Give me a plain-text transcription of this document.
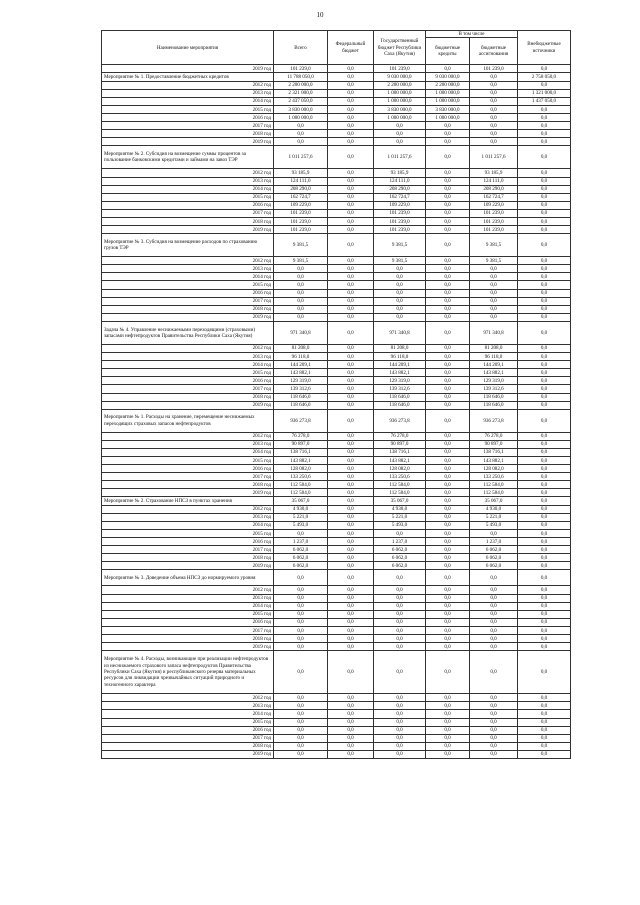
10
Наименование мероприятия	Всего	Федеральный бюджет	Государственный бюджет Республики Саха (Якутия)	В том числе		Внебюджетные источники
				бюджетные кредиты	бюджетные ассигнования	
2019 год	101 239,0	0,0	101 239,0	0,0	101 239,0	0,0
Мероприятие № 1. Предоставление бюджетных кредитов	11 788 050,0	0,0	9 030 000,0	9 030 000,0	0,0	2 758 050,0
2012 год	2 200 000,0	0,0	2 200 000,0	2 200 000,0	0,0	0,0
2013 год	2 321 000,0	0,0	1 000 000,0	1 000 000,0	0,0	1 321 000,0
2014 год	2 437 050,0	0,0	1 000 000,0	1 000 000,0	0,0	1 437 050,0
2015 год	3 830 000,0	0,0	3 830 000,0	3 830 000,0	0,0	0,0
2016 год	1 000 000,0	0,0	1 000 000,0	1 000 000,0	0,0	0,0
2017 год	0,0	0,0	0,0	0,0	0,0	0,0
2018 год	0,0	0,0	0,0	0,0	0,0	0,0
2019 год	0,0	0,0	0,0	0,0	0,0	0,0
Мероприятие № 2. Субсидия на возмещение суммы процентов за пользование банковскими кредитами и займами на завоз ТЭР	1 011 257,6	0,0	1 011 257,6	0,0	1 011 257,6	0,0
2012 год	93 185,9	0,0	93 185,9	0,0	93 185,9	0,0
2013 год	124 111,0	0,0	124 111,0	0,0	124 111,0	0,0
2014 год	208 290,0	0,0	208 290,0	0,0	208 290,0	0,0
2015 год	162 724,7	0,0	162 724,7	0,0	162 724,7	0,0
2016 год	109 229,0	0,0	109 229,0	0,0	109 229,0	0,0
2017 год	101 239,0	0,0	101 239,0	0,0	101 239,0	0,0
2018 год	101 239,0	0,0	101 239,0	0,0	101 239,0	0,0
2019 год	101 239,0	0,0	101 239,0	0,0	101 239,0	0,0
Мероприятие № 3. Субсидия на возмещение расходов по страхованию грузов ТЭР	9 381,5	0,0	9 381,5	0,0	9 381,5	0,0
2012 год	9 381,5	0,0	9 381,5	0,0	9 381,5	0,0
2013 год	0,0	0,0	0,0	0,0	0,0	0,0
2014 год	0,0	0,0	0,0	0,0	0,0	0,0
2015 год	0,0	0,0	0,0	0,0	0,0	0,0
2016 год	0,0	0,0	0,0	0,0	0,0	0,0
2017 год	0,0	0,0	0,0	0,0	0,0	0,0
2018 год	0,0	0,0	0,0	0,0	0,0	0,0
2019 год	0,0	0,0	0,0	0,0	0,0	0,0
Задача № 4. Управление неснижаемыми переходящими (страховыми) запасами нефтепродуктов Правительства Республики Саха (Якутия)	971 340,8	0,0	971 340,8	0,0	971 340,8	0,0
2012 год	81 208,0	0,0	81 208,0	0,0	81 208,0	0,0
2013 год	96 118,0	0,0	96 118,0	0,0	96 118,0	0,0
2014 год	144 209,1	0,0	144 209,1	0,0	144 209,1	0,0
2015 год	143 882,1	0,0	143 882,1	0,0	143 882,1	0,0
2016 год	129 319,0	0,0	129 319,0	0,0	129 319,0	0,0
2017 год	139 312,6	0,0	139 312,6	0,0	139 312,6	0,0
2018 год	118 646,0	0,0	118 646,0	0,0	118 646,0	0,0
2019 год	118 646,0	0,0	118 646,0	0,0	118 646,0	0,0
Мероприятие № 1. Расходы на хранение, перемещение неснижаемых переходящих страховых запасов нефтепродуктов	936 273,8	0,0	936 273,8	0,0	936 273,8	0,0
2012 год	76 278,0	0,0	76 278,0	0,0	76 278,0	0,0
2013 год	90 897,0	0,0	90 897,0	0,0	90 897,0	0,0
2014 год	138 716,1	0,0	138 716,1	0,0	138 716,1	0,0
2015 год	143 882,1	0,0	143 882,1	0,0	143 882,1	0,0
2016 год	128 082,0	0,0	128 082,0	0,0	128 082,0	0,0
2017 год	133 250,6	0,0	133 250,6	0,0	133 250,6	0,0
2018 год	112 584,0	0,0	112 584,0	0,0	112 584,0	0,0
2019 год	112 584,0	0,0	112 584,0	0,0	112 584,0	0,0
Мероприятие № 2. Страхование НПСЗ в пунктах хранения	35 067,0	0,0	35 067,0	0,0	35 067,0	0,0
2012 год	4 930,0	0,0	4 930,0	0,0	4 930,0	0,0
2013 год	5 221,0	0,0	5 221,0	0,0	5 221,0	0,0
2014 год	5 493,0	0,0	5 493,0	0,0	5 493,0	0,0
2015 год	0,0	0,0	0,0	0,0	0,0	0,0
2016 год	1 237,0	0,0	1 237,0	0,0	1 237,0	0,0
2017 год	6 062,0	0,0	6 062,0	0,0	6 062,0	0,0
2018 год	6 062,0	0,0	6 062,0	0,0	6 062,0	0,0
2019 год	6 062,0	0,0	6 062,0	0,0	6 062,0	0,0
Мероприятие № 3. Доведение объема НПСЗ до нормируемого уровня	0,0	0,0	0,0	0,0	0,0	0,0
2012 год	0,0	0,0	0,0	0,0	0,0	0,0
2013 год	0,0	0,0	0,0	0,0	0,0	0,0
2014 год	0,0	0,0	0,0	0,0	0,0	0,0
2015 год	0,0	0,0	0,0	0,0	0,0	0,0
2016 год	0,0	0,0	0,0	0,0	0,0	0,0
2017 год	0,0	0,0	0,0	0,0	0,0	0,0
2018 год	0,0	0,0	0,0	0,0	0,0	0,0
2019 год	0,0	0,0	0,0	0,0	0,0	0,0
Мероприятие № 4. Расходы, возникающие при реализации нефтепродуктов из неснижаемого страхового запаса нефтепродуктов Правительства Республики Саха (Якутия) и республиканского резерва материальных ресурсов для ликвидации чрезвычайных ситуаций природного и техногенного характера	0,0	0,0	0,0	0,0	0,0	0,0
2012 год	0,0	0,0	0,0	0,0	0,0	0,0
2013 год	0,0	0,0	0,0	0,0	0,0	0,0
2014 год	0,0	0,0	0,0	0,0	0,0	0,0
2015 год	0,0	0,0	0,0	0,0	0,0	0,0
2016 год	0,0	0,0	0,0	0,0	0,0	0,0
2017 год	0,0	0,0	0,0	0,0	0,0	0,0
2018 год	0,0	0,0	0,0	0,0	0,0	0,0
2019 год	0,0	0,0	0,0	0,0	0,0	0,0
